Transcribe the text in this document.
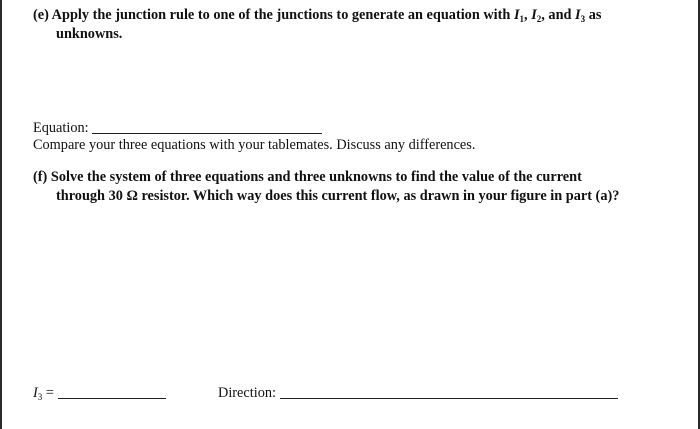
(e) Apply the junction rule to one of the junctions to generate an equation with $I_1$, $I_2$, and $I_3$ as
unknowns.
Equation:
Compare your three equations with your tablemates. Discuss any differences.
(f) Solve the system of three equations and three unknowns to find the value of the current
through 30 Ω resistor. Which way does this current flow, as drawn in your figure in part (a)?
$I_3$ =	Direction:
